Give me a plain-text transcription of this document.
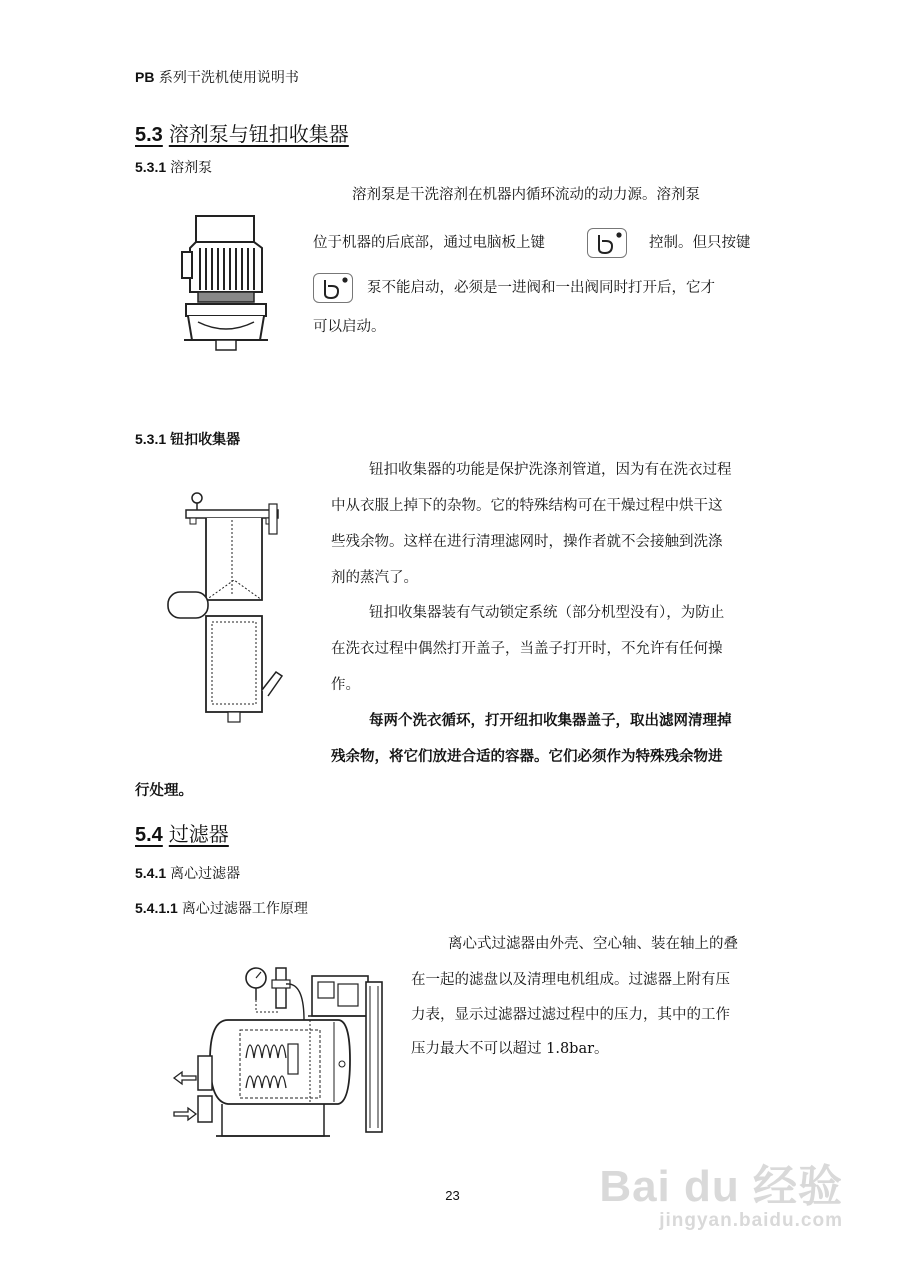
PB 系列干洗机使用说明书
5.3 溶剂泵与钮扣收集器
5.3.1 溶剂泵
溶剂泵是干洗溶剂在机器内循环流动的动力源。溶剂泵
位于机器的后底部，通过电脑板上键	控制。但只按键
泵不能启动，必须是一进阀和一出阀同时打开后，它才
可以启动。
5.3.1 钮扣收集器
钮扣收集器的功能是保护洗涤剂管道，因为有在洗衣过程
中从衣服上掉下的杂物。它的特殊结构可在干燥过程中烘干这
些残余物。这样在进行清理滤网时，操作者就不会接触到洗涤
剂的蒸汽了。
钮扣收集器装有气动锁定系统（部分机型没有），为防止
在洗衣过程中偶然打开盖子，当盖子打开时，不允许有任何操
作。
每两个洗衣循环，打开纽扣收集器盖子，取出滤网清理掉
残余物，将它们放进合适的容器。它们必须作为特殊残余物进
行处理。
5.4 过滤器
5.4.1 离心过滤器
5.4.1.1 离心过滤器工作原理
离心式过滤器由外壳、空心轴、装在轴上的叠
在一起的滤盘以及清理电机组成。过滤器上附有压
力表，显示过滤器过滤过程中的压力，其中的工作
压力最大不可以超过 1.8bar。
23	Bai du 经验
jingyan.baidu.com
